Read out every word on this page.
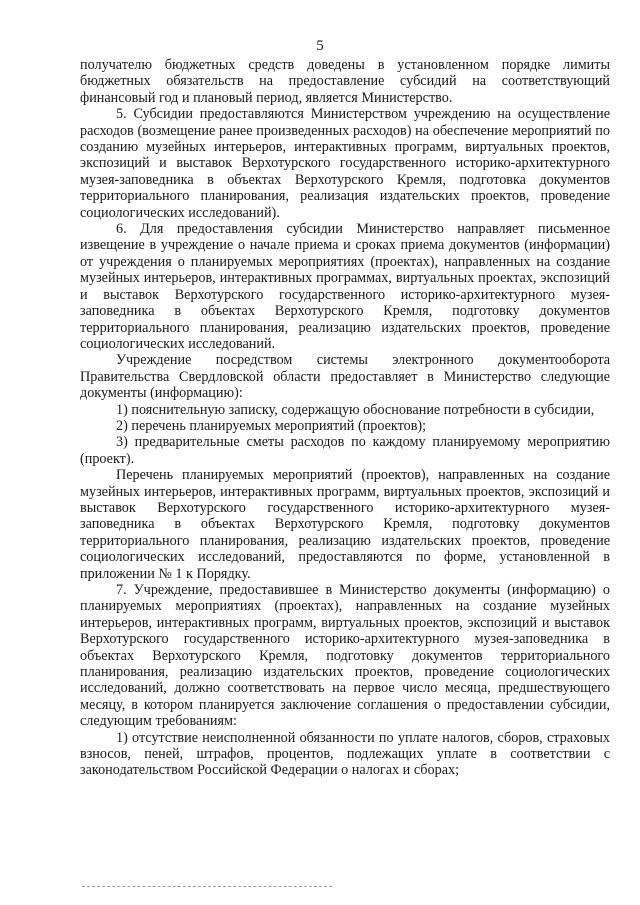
5

получателю бюджетных средств доведены в установленном порядке лимиты бюджетных обязательств на предоставление субсидий на соответствующий финансовый год и плановый период, является Министерство.

5. Субсидии предоставляются Министерством учреждению на осуществление расходов (возмещение ранее произведенных расходов) на обеспечение мероприятий по созданию музейных интерьеров, интерактивных программ, виртуальных проектов, экспозиций и выставок Верхотурского государственного историко-архитектурного музея-заповедника в объектах Верхотурского Кремля, подготовка документов территориального планирования, реализация издательских проектов, проведение социологических исследований).

6. Для предоставления субсидии Министерство направляет письменное извещение в учреждение о начале приема и сроках приема документов (информации) от учреждения о планируемых мероприятиях (проектах), направленных на создание музейных интерьеров, интерактивных программах, виртуальных проектах, экспозиций и выставок Верхотурского государственного историко-архитектурного музея-заповедника в объектах Верхотурского Кремля, подготовку документов территориального планирования, реализацию издательских проектов, проведение социологических исследований.

Учреждение посредством системы электронного документооборота Правительства Свердловской области предоставляет в Министерство следующие документы (информацию):

1) пояснительную записку, содержащую обоснование потребности в субсидии,

2) перечень планируемых мероприятий (проектов);

3) предварительные сметы расходов по каждому планируемому мероприятию (проект).

Перечень планируемых мероприятий (проектов), направленных на создание музейных интерьеров, интерактивных программ, виртуальных проектов, экспозиций и выставок Верхотурского государственного историко-архитектурного музея-заповедника в объектах Верхотурского Кремля, подготовку документов территориального планирования, реализацию издательских проектов, проведение социологических исследований, предоставляются по форме, установленной в приложении № 1 к Порядку.

7. Учреждение, предоставившее в Министерство документы (информацию) о планируемых мероприятиях (проектах), направленных на создание музейных интерьеров, интерактивных программ, виртуальных проектов, экспозиций и выставок Верхотурского государственного историко-архитектурного музея-заповедника в объектах Верхотурского Кремля, подготовку документов территориального планирования, реализацию издательских проектов, проведение социологических исследований, должно соответствовать на первое число месяца, предшествующего месяцу, в котором планируется заключение соглашения о предоставлении субсидии, следующим требованиям:

1) отсутствие неисполненной обязанности по уплате налогов, сборов, страховых взносов, пеней, штрафов, процентов, подлежащих уплате в соответствии с законодательством Российской Федерации о налогах и сборах;
